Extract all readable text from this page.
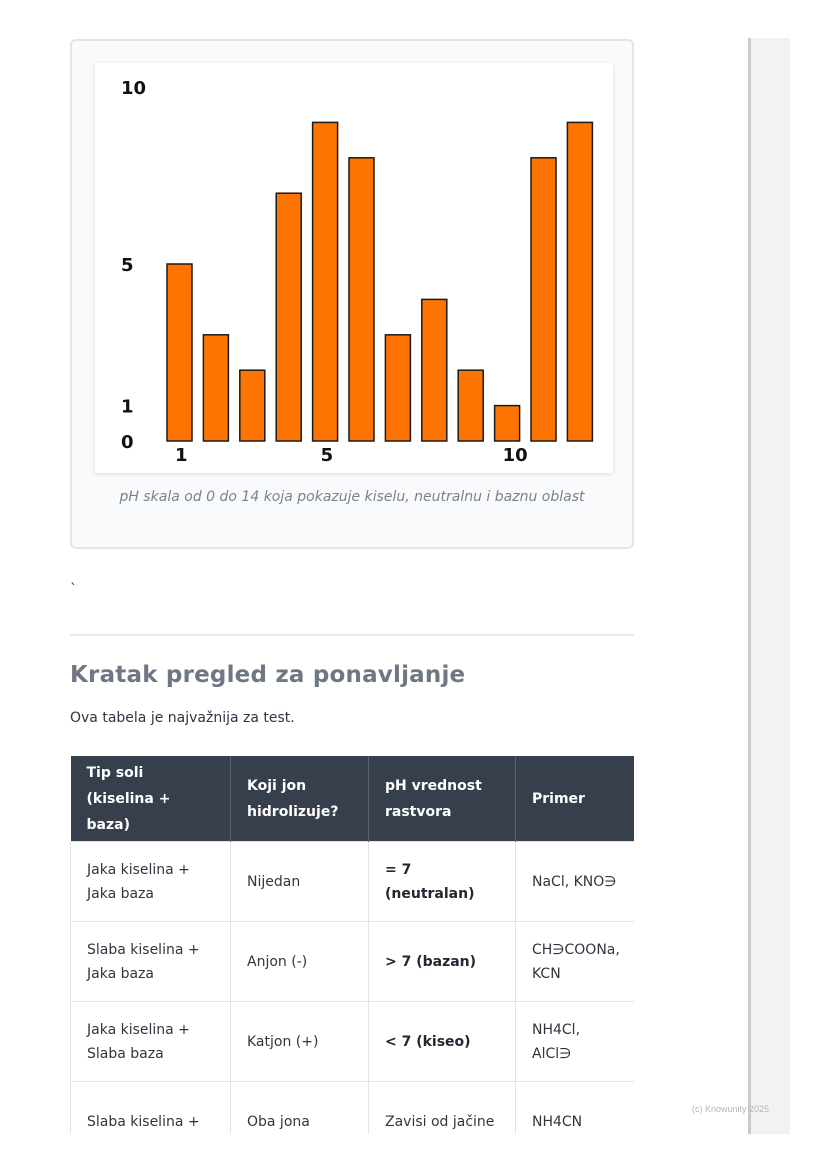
0
1
5
10
1	5	10
pH skala od 0 do 14 koja pokazuje kiselu, neutralnu i baznu oblast
`
Kratak pregled za ponavljanje

Ova tabela je najvažnija za test.

Tip soli (kiselina + baza)	Koji jon hidrolizuje?	pH vrednost rastvora	Primer
Jaka kiselina + Jaka baza	Nijedan	= 7 (neutralan)	NaCl, KNO∋
Slaba kiselina + Jaka baza	Anjon (-)	> 7 (bazan)	CH∋COONa, KCN
Jaka kiselina + Slaba baza	Katjon (+)	< 7 (kiseo)	NH4Cl, AlCl∋
Slaba kiselina +	Oba jona	Zavisi od jačine	NH4CN
(c) Knowunity 2025
